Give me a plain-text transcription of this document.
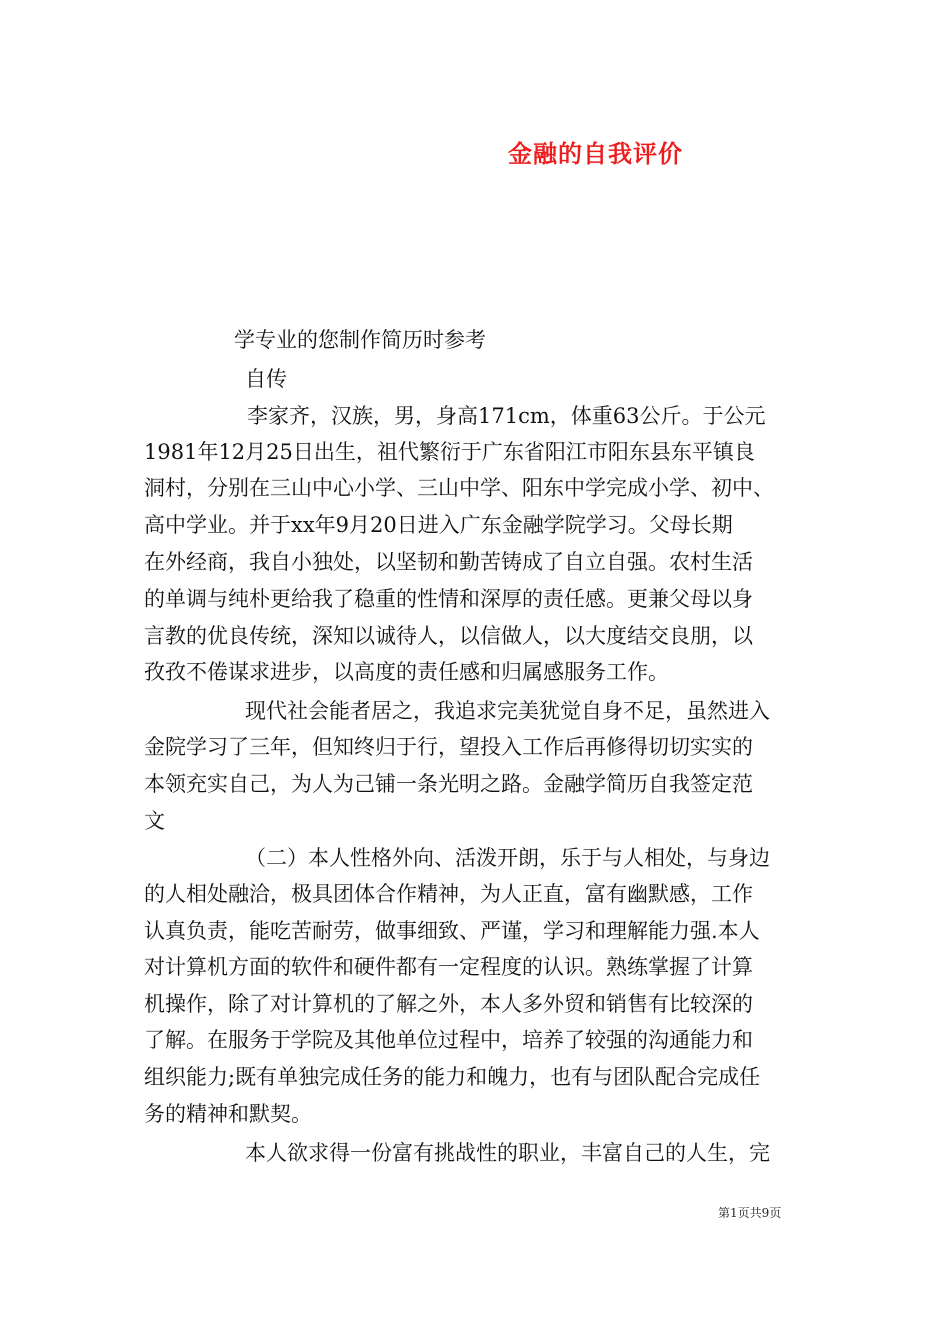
金融的自我评价
学专业的您制作简历时参考
自传
李家齐，汉族，男，身高171cm，体重63公斤。于公元
1981年12月25日出生，祖代繁衍于广东省阳江市阳东县东平镇良
洞村，分别在三山中心小学、三山中学、阳东中学完成小学、初中、
高中学业。并于xx年9月20日进入广东金融学院学习。父母长期
在外经商，我自小独处，以坚韧和勤苦铸成了自立自强。农村生活
的单调与纯朴更给我了稳重的性情和深厚的责任感。更兼父母以身
言教的优良传统，深知以诚待人，以信做人，以大度结交良朋，以
孜孜不倦谋求进步，以高度的责任感和归属感服务工作。
现代社会能者居之，我追求完美犹觉自身不足，虽然进入
金院学习了三年，但知终归于行，望投入工作后再修得切切实实的
本领充实自己，为人为己铺一条光明之路。金融学简历自我签定范
文
（二）本人性格外向、活泼开朗，乐于与人相处，与身边
的人相处融洽，极具团体合作精神，为人正直，富有幽默感，工作
认真负责，能吃苦耐劳，做事细致、严谨，学习和理解能力强.本人
对计算机方面的软件和硬件都有一定程度的认识。熟练掌握了计算
机操作，除了对计算机的了解之外，本人多外贸和销售有比较深的
了解。在服务于学院及其他单位过程中，培养了较强的沟通能力和
组织能力;既有单独完成任务的能力和魄力，也有与团队配合完成任
务的精神和默契。
本人欲求得一份富有挑战性的职业，丰富自己的人生，完
第1页共9页
